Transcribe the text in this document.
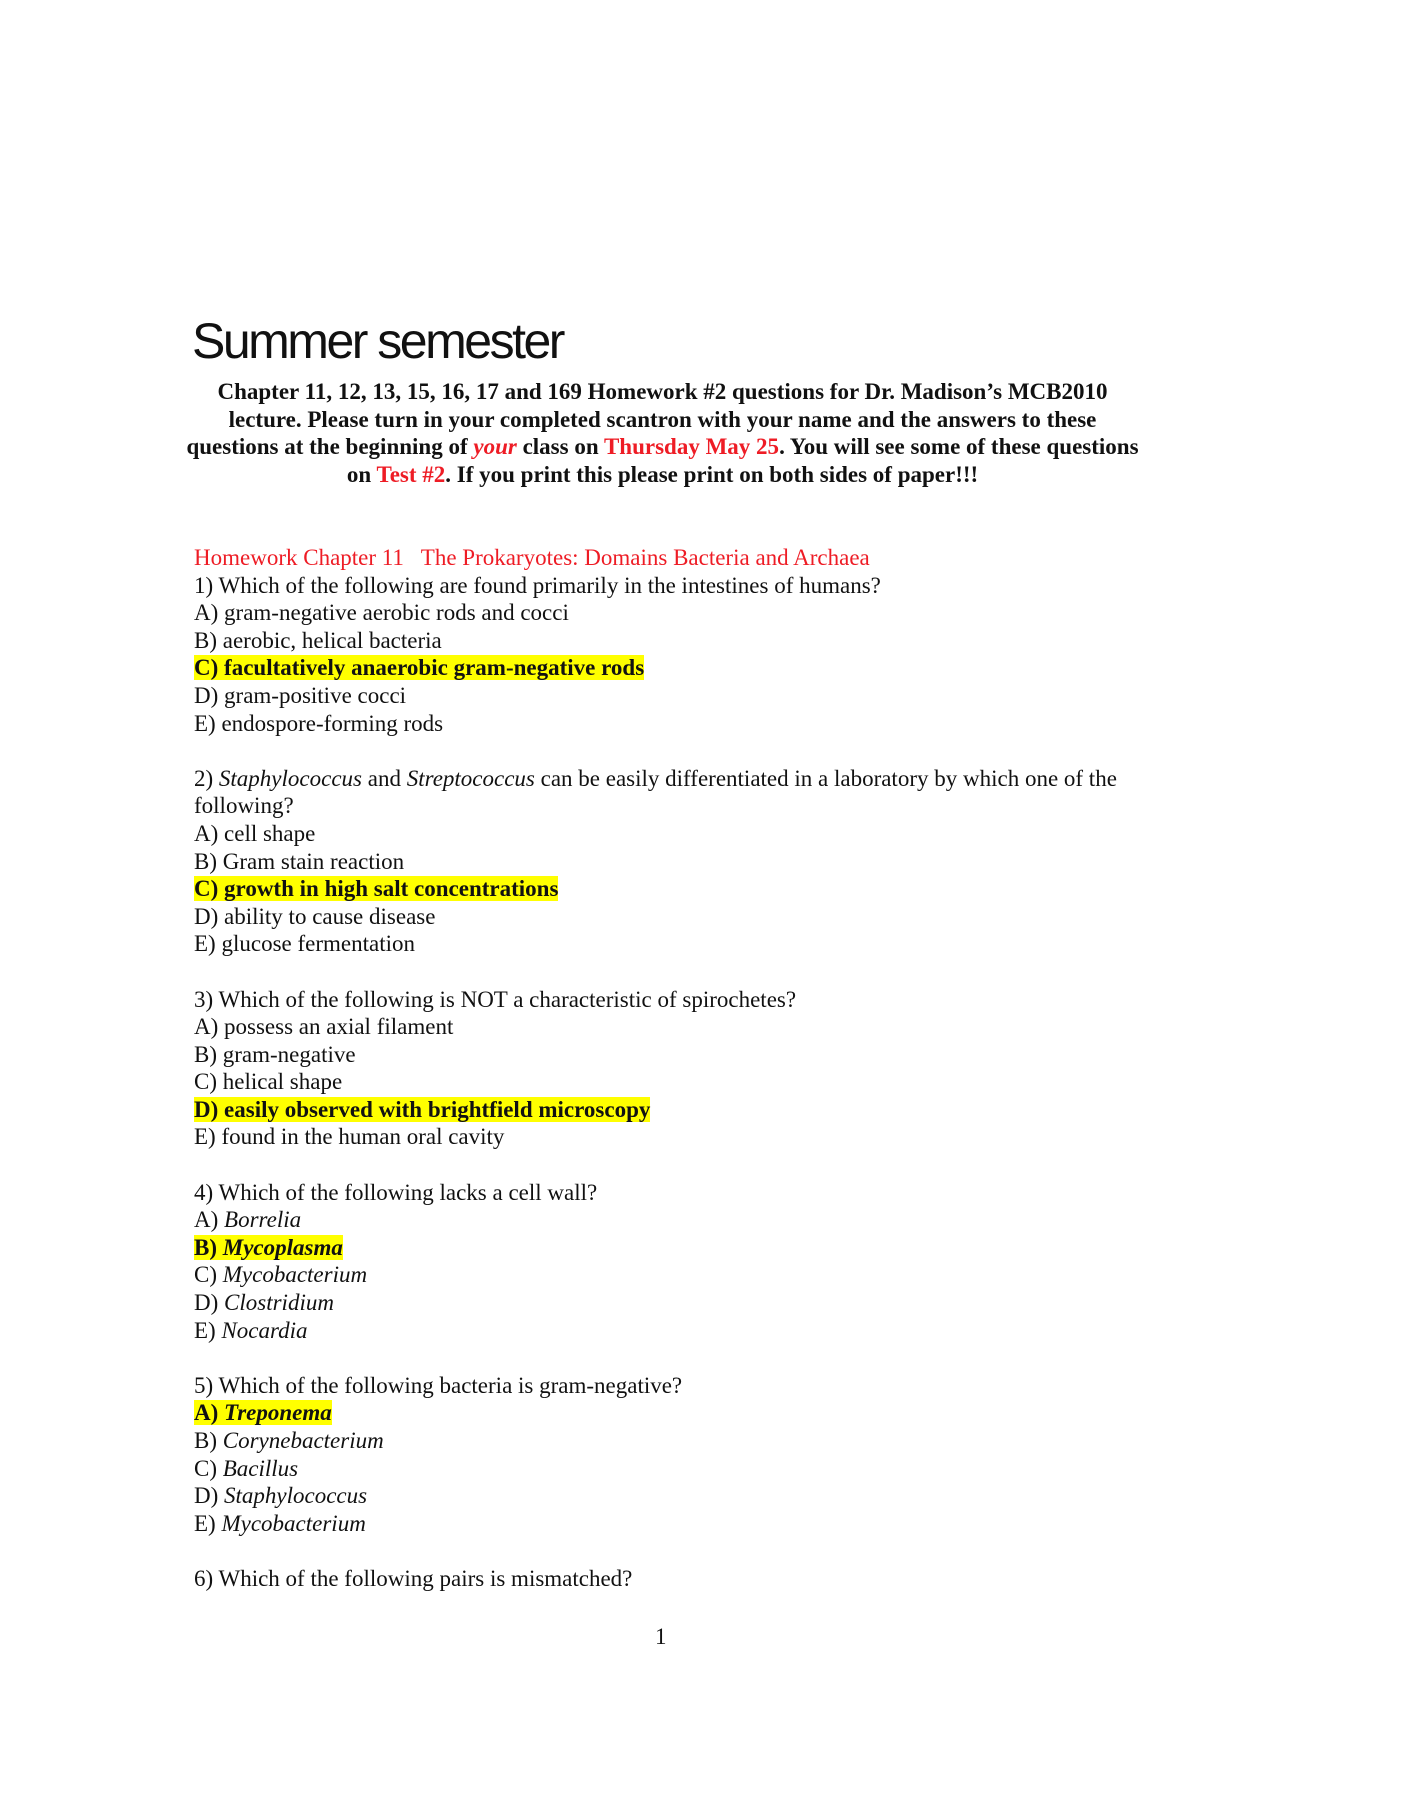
Summer semester

Chapter 11, 12, 13, 15, 16, 17 and 169 Homework #2 questions for Dr. Madison’s MCB2010 lecture. Please turn in your completed scantron with your name and the answers to these questions at the beginning of your class on Thursday May 25. You will see some of these questions on Test #2. If you print this please print on both sides of paper!!!

Homework Chapter 11   The Prokaryotes: Domains Bacteria and Archaea
1) Which of the following are found primarily in the intestines of humans?
A) gram-negative aerobic rods and cocci
B) aerobic, helical bacteria
C) facultatively anaerobic gram-negative rods
D) gram-positive cocci
E) endospore-forming rods
2) Staphylococcus and Streptococcus can be easily differentiated in a laboratory by which one of the following?
A) cell shape
B) Gram stain reaction
C) growth in high salt concentrations
D) ability to cause disease
E) glucose fermentation
3) Which of the following is NOT a characteristic of spirochetes?
A) possess an axial filament
B) gram-negative
C) helical shape
D) easily observed with brightfield microscopy
E) found in the human oral cavity
4) Which of the following lacks a cell wall?
A) Borrelia
B) Mycoplasma
C) Mycobacterium
D) Clostridium
E) Nocardia
5) Which of the following bacteria is gram-negative?
A) Treponema
B) Corynebacterium
C) Bacillus
D) Staphylococcus
E) Mycobacterium
6) Which of the following pairs is mismatched?
1
